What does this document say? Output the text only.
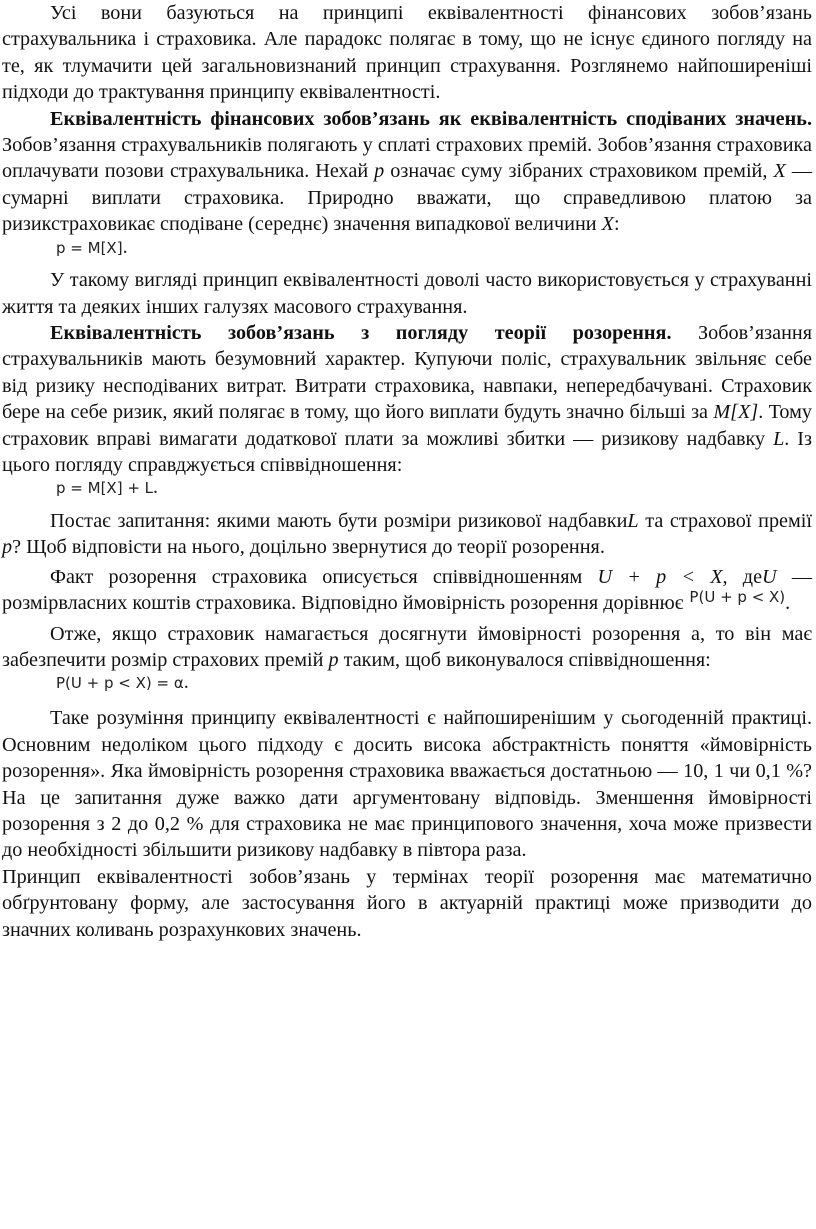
Усі вони базуються на принципі еквівалентності фінансових зобов’язань страхувальника і страховика. Але парадокс полягає в тому, що не існує єдиного погляду на те, як тлумачити цей загальновизнаний принцип страхування. Розглянемо найпоширеніші підходи до трактування принципу еквівалентності.

Еквівалентність фінансових зобов’язань як еквівалентність сподіваних значень. Зобов’язання страхувальників полягають у сплаті страхових премій. Зобов’язання страховика оплачувати позови страхувальника. Нехай p означає суму зібраних страховиком премій, X — сумарні виплати страховика. Природно вважати, що справедливою платою за ризикстраховикає сподіване (середнє) значення випадкової величини X:

p = M[X].

У такому вигляді принцип еквівалентності доволі часто використовується у страхуванні життя та деяких інших галузях масового страхування.

Еквівалентність зобов’язань з погляду теорії розорення. Зобов’язання страхувальників мають безумовний характер. Купуючи поліс, страхувальник звільняє себе від ризику несподіваних витрат. Витрати страховика, навпаки, непередбачувані. Страховик бере на себе ризик, який полягає в тому, що його виплати будуть значно більші за M[X]. Тому страховик вправі вимагати додаткової плати за можливі збитки — ризикову надбавку L. Із цього погляду справджується співвідношення:

p = M[X] + L.

Постає запитання: якими мають бути розміри ризикової надбавкиL та страхової премії p? Щоб відповісти на нього, доцільно звернутися до теорії розорення.

Факт розорення страховика описується співвідношенням U + p < X, деU — розмірвласних коштів страховика. Відповідно ймовірність розорення дорівнює $^{P(U + p < X)}$.

Отже, якщо страховик намагається досягнути ймовірності розорення а, то він має забезпечити розмір страхових премій p таким, щоб виконувалося співвідношення:

P(U + p < X) = α.

Таке розуміння принципу еквівалентності є найпоширенішим у сьогоденній практиці. Основним недоліком цього підходу є досить висока абстрактність поняття «ймовірність розорення». Яка ймовірність розорення страховика вважається достатньою — 10, 1 чи 0,1 %? На це запитання дуже важко дати аргументовану відповідь. Зменшення ймовірності розорення з 2 до 0,2 % для страховика не має принципового значення, хоча може призвести до необхідності збільшити ризикову надбавку в півтора раза.

Принцип еквівалентності зобов’язань у термінах теорії розорення має математично обґрунтовану форму, але застосування його в актуарній практиці може призводити до значних коливань розрахункових значень.
